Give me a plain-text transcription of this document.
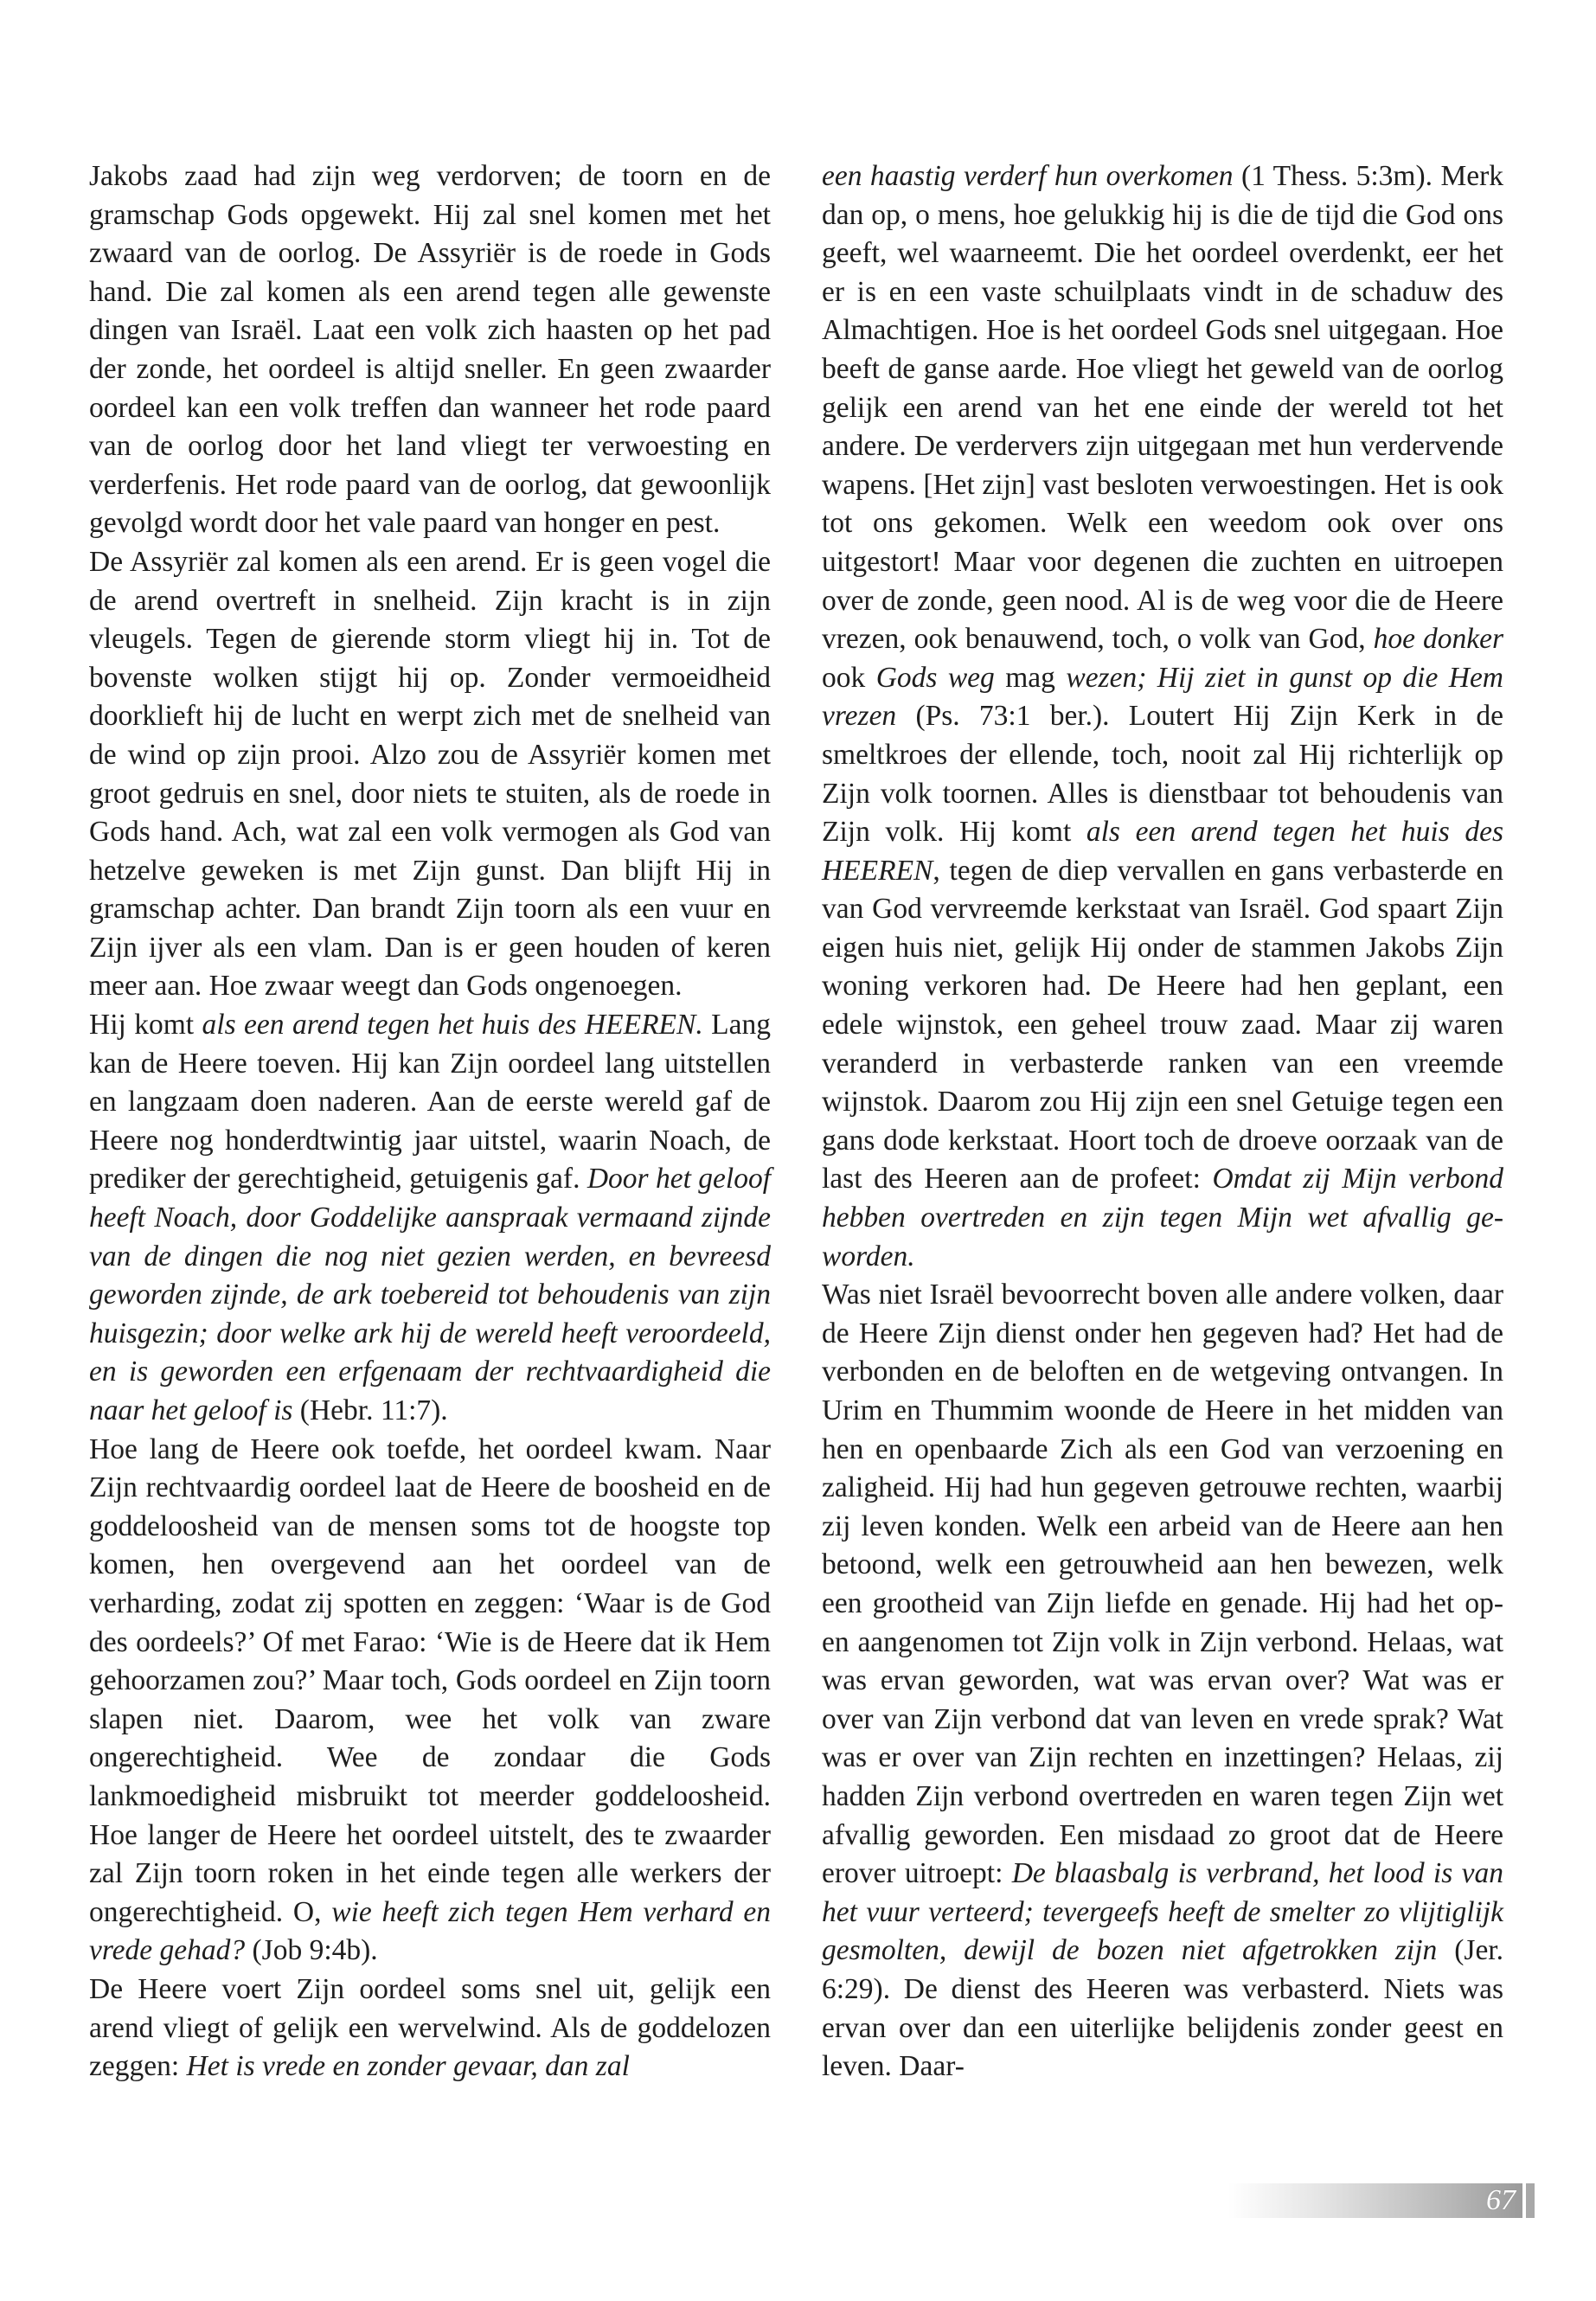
Jakobs zaad had zijn weg verdorven; de toorn en de gramschap Gods opgewekt. Hij zal snel komen met het zwaard van de oorlog. De Assyriër is de roede in Gods hand. Die zal komen als een arend tegen alle gewenste dingen van Israël. Laat een volk zich haasten op het pad der zonde, het oordeel is altijd sneller. En geen zwaarder oordeel kan een volk treffen dan wanneer het rode paard van de oorlog door het land vliegt ter verwoesting en verderfenis. Het rode paard van de oorlog, dat gewoonlijk gevolgd wordt door het vale paard van honger en pest.

De Assyriër zal komen als een arend. Er is geen vogel die de arend overtreft in snelheid. Zijn kracht is in zijn vleugels. Tegen de gierende storm vliegt hij in. Tot de bovenste wolken stijgt hij op. Zonder vermoeidheid doorklieft hij de lucht en werpt zich met de snelheid van de wind op zijn prooi. Alzo zou de Assyriër komen met groot gedruis en snel, door niets te stuiten, als de roede in Gods hand. Ach, wat zal een volk vermogen als God van hetzelve geweken is met Zijn gunst. Dan blijft Hij in gramschap achter. Dan brandt Zijn toorn als een vuur en Zijn ijver als een vlam. Dan is er geen houden of keren meer aan. Hoe zwaar weegt dan Gods ongenoegen.

Hij komt als een arend tegen het huis des HEEREN. Lang kan de Heere toeven. Hij kan Zijn oordeel lang uitstellen en langzaam doen naderen. Aan de eerste wereld gaf de Heere nog honderdtwintig jaar uitstel, waarin Noach, de prediker der gerechtigheid, getuigenis gaf. Door het geloof heeft Noach, door Goddelijke aanspraak vermaand zijnde van de dingen die nog niet gezien werden, en bevreesd geworden zijnde, de ark toebereid tot behoudenis van zijn huisgezin; door welke ark hij de wereld heeft veroordeeld, en is geworden een erfgenaam der rechtvaardigheid die naar het geloof is (Hebr. 11:7).

Hoe lang de Heere ook toefde, het oordeel kwam. Naar Zijn rechtvaardig oordeel laat de Heere de boosheid en de goddeloosheid van de mensen soms tot de hoogste top komen, hen overgevend aan het oordeel van de verharding, zodat zij spotten en zeggen: ‘Waar is de God des oordeels?’ Of met Farao: ‘Wie is de Heere dat ik Hem gehoorzamen zou?’ Maar toch, Gods oordeel en Zijn toorn slapen niet. Daarom, wee het volk van zware ongerechtigheid. Wee de zondaar die Gods lankmoedigheid misbruikt tot meerder goddeloosheid. Hoe langer de Heere het oordeel uitstelt, des te zwaarder zal Zijn toorn roken in het einde tegen alle werkers der ongerechtigheid. O, wie heeft zich tegen Hem verhard en vrede gehad? (Job 9:4b).

De Heere voert Zijn oordeel soms snel uit, gelijk een arend vliegt of gelijk een wervelwind. Als de goddelozen zeggen: Het is vrede en zonder gevaar, dan zal

een haastig verderf hun overkomen (1 Thess. 5:3m). Merk dan op, o mens, hoe gelukkig hij is die de tijd die God ons geeft, wel waarneemt. Die het oordeel overdenkt, eer het er is en een vaste schuilplaats vindt in de schaduw des Almachtigen. Hoe is het oordeel Gods snel uitgegaan. Hoe beeft de ganse aarde. Hoe vliegt het geweld van de oorlog gelijk een arend van het ene einde der wereld tot het andere. De verdervers zijn uitgegaan met hun verdervende wapens. [Het zijn] vast besloten verwoestingen. Het is ook tot ons gekomen. Welk een weedom ook over ons uitgestort! Maar voor degenen die zuchten en uitroepen over de zonde, geen nood. Al is de weg voor die de Heere vrezen, ook benauwend, toch, o volk van God, hoe donker ook Gods weg mag wezen; Hij ziet in gunst op die Hem vrezen (Ps. 73:1 ber.). Loutert Hij Zijn Kerk in de smeltkroes der ellende, toch, nooit zal Hij richterlijk op Zijn volk toornen. Alles is dienstbaar tot behoudenis van Zijn volk. Hij komt als een arend tegen het huis des HEEREN, tegen de diep vervallen en gans verbasterde en van God vervreemde kerkstaat van Israël. God spaart Zijn eigen huis niet, gelijk Hij onder de stammen Jakobs Zijn woning verkoren had. De Heere had hen geplant, een edele wijnstok, een geheel trouw zaad. Maar zij waren veranderd in verbasterde ranken van een vreemde wijnstok. Daarom zou Hij zijn een snel Getuige tegen een gans dode kerkstaat. Hoort toch de droeve oorzaak van de last des Heeren aan de profeet: Omdat zij Mijn verbond hebben overtreden en zijn tegen Mijn wet afvallig geworden.

Was niet Israël bevoorrecht boven alle andere volken, daar de Heere Zijn dienst onder hen gegeven had? Het had de verbonden en de beloften en de wetgeving ontvangen. In Urim en Thummim woonde de Heere in het midden van hen en openbaarde Zich als een God van verzoening en zaligheid. Hij had hun gegeven getrouwe rechten, waarbij zij leven konden. Welk een arbeid van de Heere aan hen betoond, welk een getrouwheid aan hen bewezen, welk een grootheid van Zijn liefde en genade. Hij had het op- en aangenomen tot Zijn volk in Zijn verbond. Helaas, wat was ervan geworden, wat was ervan over? Wat was er over van Zijn verbond dat van leven en vrede sprak? Wat was er over van Zijn rechten en inzettingen? Helaas, zij hadden Zijn verbond overtreden en waren tegen Zijn wet afvallig geworden. Een misdaad zo groot dat de Heere erover uitroept: De blaasbalg is verbrand, het lood is van het vuur verteerd; tevergeefs heeft de smelter zo vlijtiglijk gesmolten, dewijl de bozen niet afgetrokken zijn (Jer. 6:29). De dienst des Heeren was verbasterd. Niets was ervan over dan een uiterlijke belijdenis zonder geest en leven. Daar-

67
